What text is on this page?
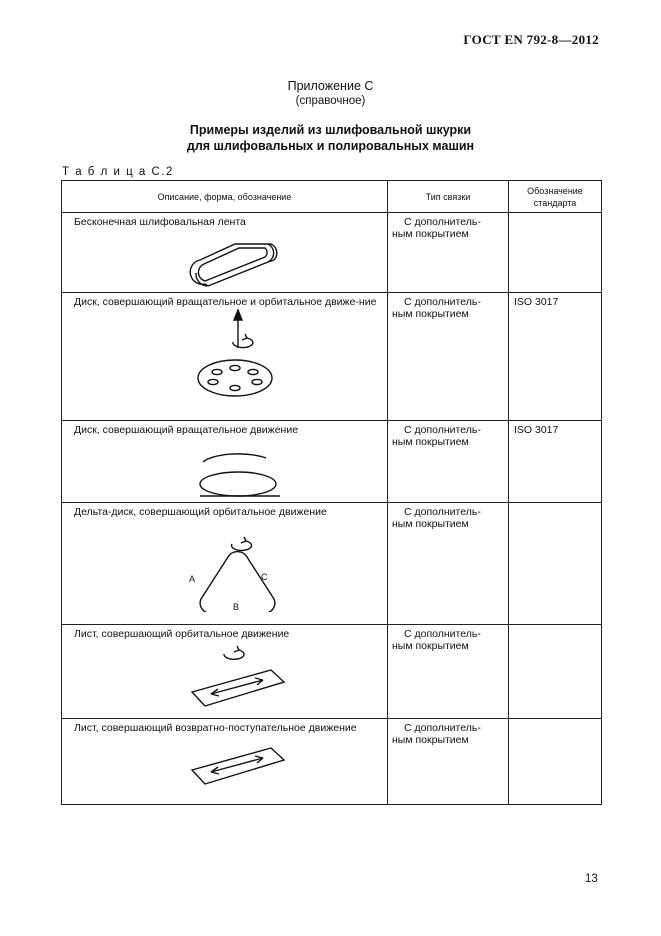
ГОСТ EN 792-8—2012
Приложение С
(справочное)
Примеры изделий из шлифовальной шкурки
для шлифовальных и полировальных машин
Т а б л и ц а С.2
Описание, форма, обозначение	Тип связки	Обозначение стандарта

Бесконечная шлифовальная лента	С дополнитель-
ным покрытием	

Диск, совершающий вращательное и орбитальное движе-ние	С дополнитель-
ным покрытием	ISO 3017

Диск, совершающий вращательное движение	С дополнитель-
ным покрытием	ISO 3017

Дельта-диск, совершающий орбитальное движение
A
B
C	С дополнитель-
ным покрытием	

Лист, совершающий орбитальное движение	С дополнитель-
ным покрытием	

Лист, совершающий возвратно-поступательное движение	С дополнитель-
ным покрытием	

13
